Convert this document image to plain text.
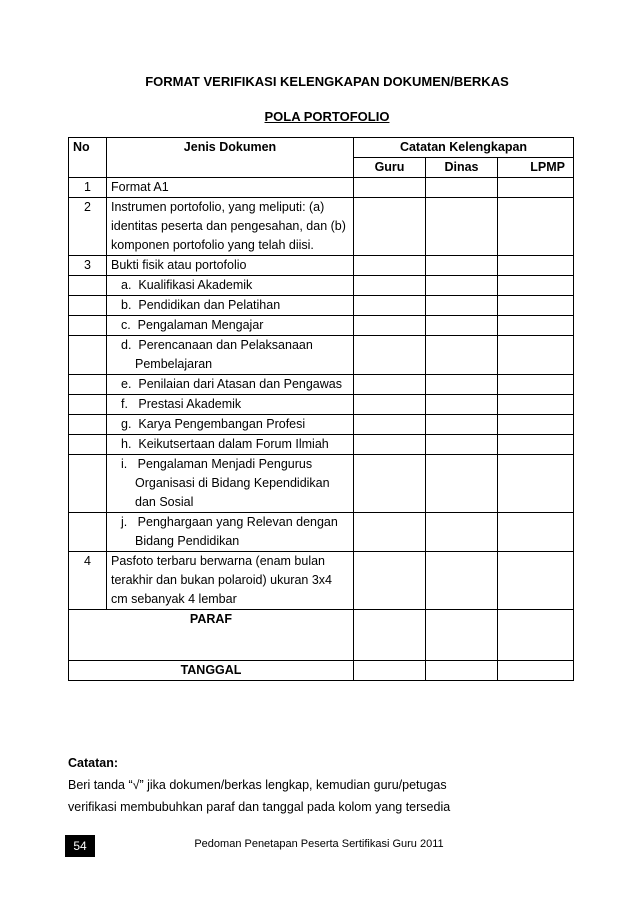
FORMAT VERIFIKASI KELENGKAPAN DOKUMEN/BERKAS
POLA PORTOFOLIO
No	Jenis Dokumen	Catatan Kelengkapan		
		Guru	Dinas	LPMP
1	Format A1			
2	Instrumen portofolio, yang meliputi: (a) identitas peserta dan pengesahan, dan (b) komponen portofolio yang telah diisi.			
3	Bukti fisik atau portofolio			

	a.  Kualifikasi Akademik			

	b.  Pendidikan dan Pelatihan			

	c.  Pengalaman Mengajar			

	d.  Perencanaan dan Pelaksanaan Pembelajaran			

	e.  Penilaian dari Atasan dan Pengawas			

	f.   Prestasi Akademik			

	g.  Karya Pengembangan Profesi			

	h.  Keikutsertaan dalam Forum Ilmiah			

	i.   Pengalaman Menjadi Pengurus Organisasi di Bidang Kependidikan dan Sosial			

	j.   Penghargaan yang Relevan dengan Bidang Pendidikan			

4	Pasfoto terbaru berwarna (enam bulan terakhir dan bukan polaroid) ukuran 3x4 cm sebanyak 4 lembar			
PARAF				
TANGGAL				
Catatan:
Beri tanda “√” jika dokumen/berkas lengkap, kemudian guru/petugas
verifikasi membubuhkan paraf dan tanggal pada kolom yang tersedia
54	Pedoman Penetapan Peserta Sertifikasi Guru 2011
